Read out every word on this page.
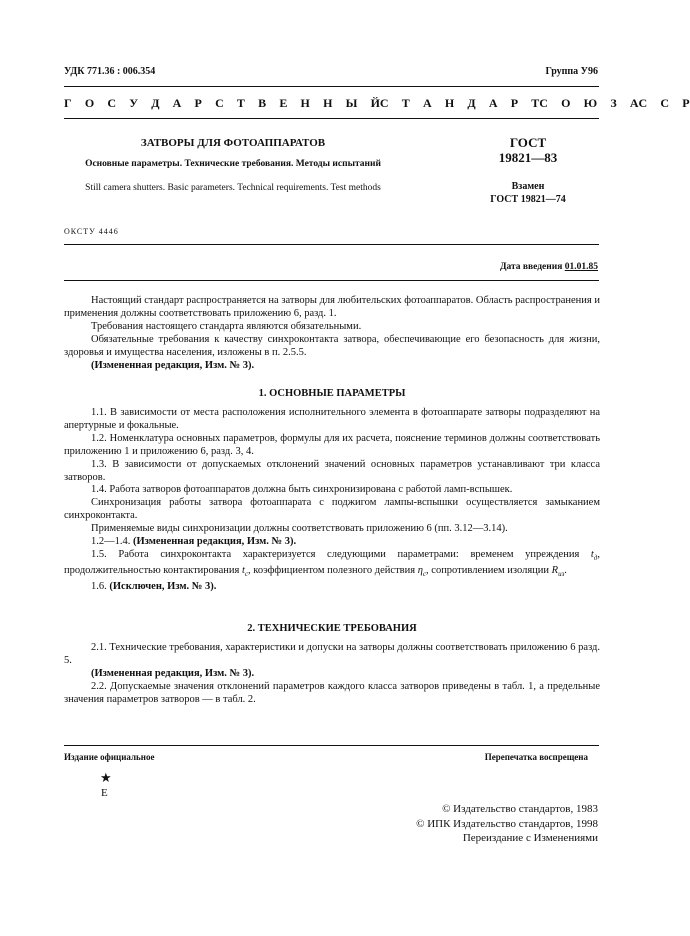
УДК 771.36 : 006.354	Группа У96
Г О С У Д А Р С Т В Е Н Н Ы Й С Т А Н Д А Р Т С О Ю З А С С Р
ЗАТВОРЫ ДЛЯ ФОТОАППАРАТОВ
Основные параметры. Технические требования. Методы испытаний
Still camera shutters. Basic parameters. Technical requirements. Test methods
ГОСТ
19821—83
Взамен
ГОСТ 19821—74
ОКСТУ 4446
Дата введения 01.01.85

Настоящий стандарт распространяется на затворы для любительских фотоаппаратов. Область распространения и применения должны соответствовать приложению 6, разд. 1.

Требования настоящего стандарта являются обязательными.

Обязательные требования к качеству синхроконтакта затвора, обеспечивающие его безопасность для жизни, здоровья и имущества населения, изложены в п. 2.5.5.

(Измененная редакция, Изм. № 3).

1. ОСНОВНЫЕ ПАРАМЕТРЫ

1.1. В зависимости от места расположения исполнительного элемента в фотоаппарате затворы подразделяют на апертурные и фокальные.

1.2. Номенклатура основных параметров, формулы для их расчета, пояснение терминов должны соответствовать приложению 1 и приложению 6, разд. 3, 4.

1.3. В зависимости от допускаемых отклонений значений основных параметров устанавливают три класса затворов.

1.4. Работа затворов фотоаппаратов должна быть синхронизирована с работой ламп-вспышек.

Синхронизация работы затвора фотоаппарата с поджигом лампы-вспышки осуществляется замыканием синхроконтакта.

Применяемые виды синхронизации должны соответствовать приложению 6 (пп. 3.12—3.14).

1.2—1.4. (Измененная редакция, Изм. № 3).

1.5. Работа синхроконтакта характеризуется следующими параметрами: временем упреждения $t_д$, продолжительностью контактирования $t_с$, коэффициентом полезного действия $\eta_с$, сопротивлением изоляции $R_{из}$.

1.6. (Исключен, Изм. № 3).

2. ТЕХНИЧЕСКИЕ ТРЕБОВАНИЯ

2.1. Технические требования, характеристики и допуски на затворы должны соответствовать приложению 6 разд. 5.

(Измененная редакция, Изм. № 3).

2.2. Допускаемые значения отклонений параметров каждого класса затворов приведены в табл. 1, а предельные значения параметров затворов — в табл. 2.

Издание официальное	Перепечатка воспрещена
★
Е
© Издательство стандартов, 1983
© ИПК Издательство стандартов, 1998
Переиздание с Изменениями
